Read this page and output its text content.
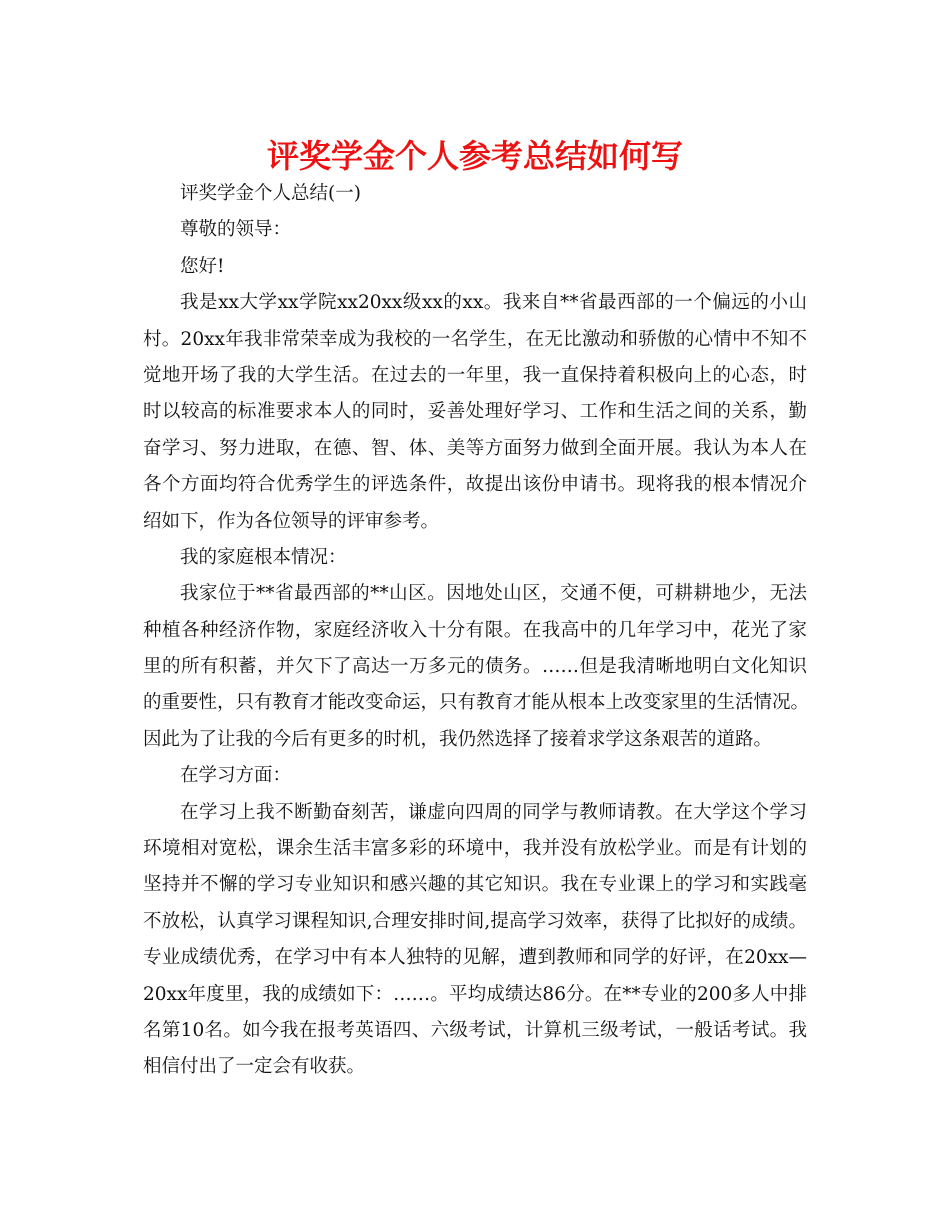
评奖学金个人参考总结如何写
评奖学金个人总结(一)
尊敬的领导：
您好!
我是xx大学xx学院xx20xx级xx的xx。我来自**省最西部的一个偏远的小山
村。20xx年我非常荣幸成为我校的一名学生，在无比激动和骄傲的心情中不知不
觉地开场了我的大学生活。在过去的一年里，我一直保持着积极向上的心态，时
时以较高的标准要求本人的同时，妥善处理好学习、工作和生活之间的关系，勤
奋学习、努力进取，在德、智、体、美等方面努力做到全面开展。我认为本人在
各个方面均符合优秀学生的评选条件，故提出该份申请书。现将我的根本情况介
绍如下，作为各位领导的评审参考。
我的家庭根本情况：
我家位于**省最西部的**山区。因地处山区，交通不便，可耕耕地少，无法
种植各种经济作物，家庭经济收入十分有限。在我高中的几年学习中，花光了家
里的所有积蓄，并欠下了高达一万多元的债务。……但是我清晰地明白文化知识
的重要性，只有教育才能改变命运，只有教育才能从根本上改变家里的生活情况。
因此为了让我的今后有更多的时机，我仍然选择了接着求学这条艰苦的道路。
在学习方面：
在学习上我不断勤奋刻苦，谦虚向四周的同学与教师请教。在大学这个学习
环境相对宽松，课余生活丰富多彩的环境中，我并没有放松学业。而是有计划的
坚持并不懈的学习专业知识和感兴趣的其它知识。我在专业课上的学习和实践毫
不放松，认真学习课程知识,合理安排时间,提高学习效率，获得了比拟好的成绩。
专业成绩优秀，在学习中有本人独特的见解，遭到教师和同学的好评，在20xx—
20xx年度里，我的成绩如下：……。平均成绩达86分。在**专业的200多人中排
名第10名。如今我在报考英语四、六级考试，计算机三级考试，一般话考试。我
相信付出了一定会有收获。
